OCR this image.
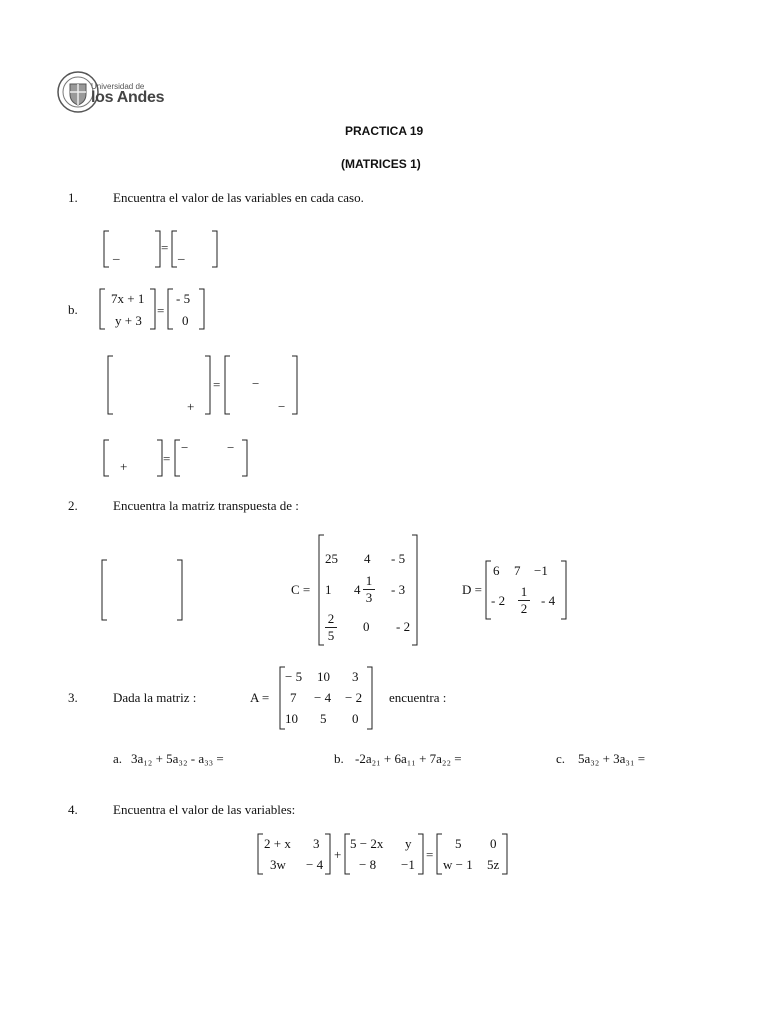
Universidad de
los Andes
PRACTICA 19
(MATRICES 1)
1.	Encuentra el valor de las variables en cada caso.
_	= _
b.
7x + 1
y + 3
=
- 5
0
+
= −
−
+
=
−	−
2.	Encuentra la matriz transpuesta de :
C =
25 4 - 5
1 $4 \frac{1}{3} - 3$
$\frac{2}{5} 0 - 2$
D =
6 7 −1
- $2 \frac{1}{2} - 4$
3.	Dada la matriz :	A =
− 5 10 3
7 − 4 − 2
10 5 0
encuentra :
a. 3a₁₂ + 5a₃₂ - a₃₃ =	b. -2a₂₁ + 6a₁₁ + 7a₂₂ =	c. 5a₃₂ + 3a₃₁ =
4.	Encuentra el valor de las variables:
2 + x 3
3w − 4
+
5 − 2x y
− 8 −1
=
5 0
w − 1 5z
